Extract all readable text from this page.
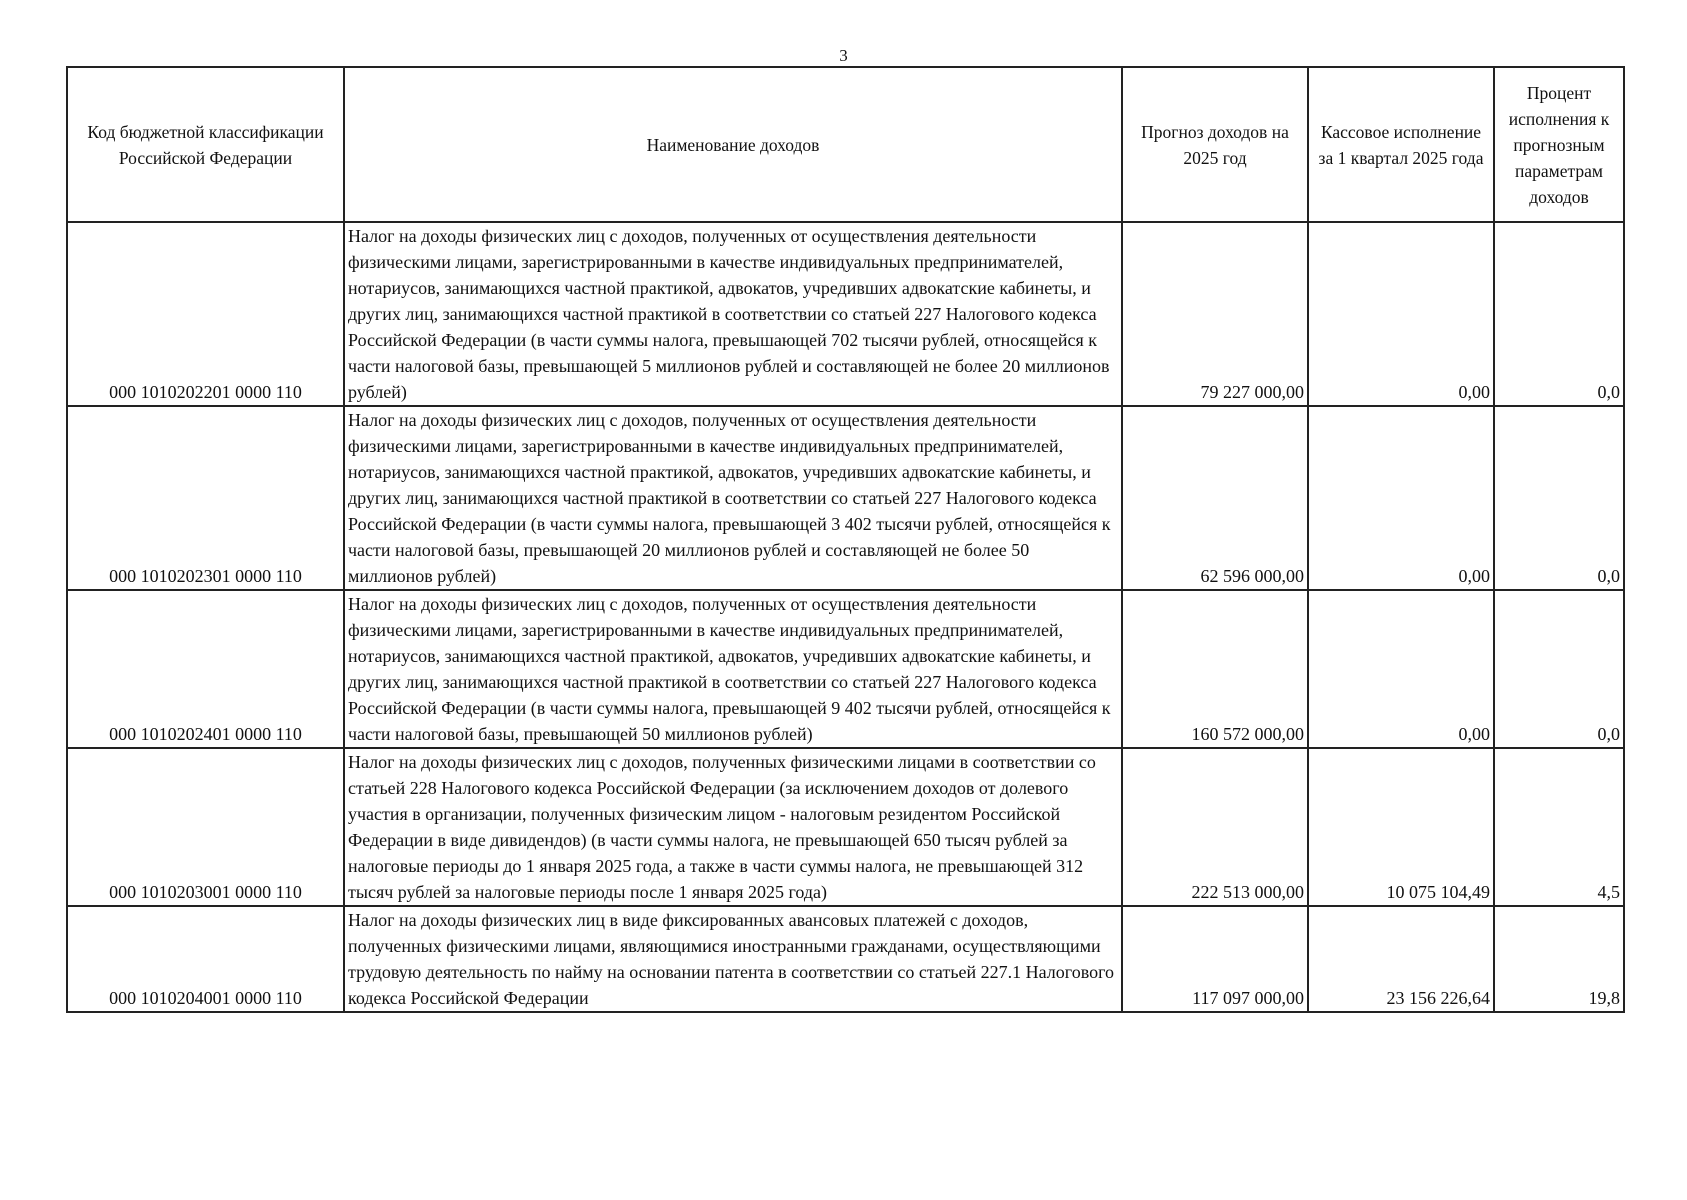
3
Код бюджетной классификации Российской Федерации	Наименование доходов	Прогноз доходов на 2025 год	Кассовое исполнение за 1 квартал 2025 года	Процент исполнения к прогнозным параметрам доходов
000 1010202201 0000 110	Налог на доходы физических лиц с доходов, полученных от осуществления деятельности физическими лицами, зарегистрированными в качестве индивидуальных предпринимателей, нотариусов, занимающихся частной практикой, адвокатов, учредивших адвокатские кабинеты, и других лиц, занимающихся частной практикой в соответствии со статьей 227 Налогового кодекса Российской Федерации (в части суммы налога, превышающей 702 тысячи рублей, относящейся к части налоговой базы, превышающей 5 миллионов рублей и составляющей не более 20 миллионов рублей)	79 227 000,00	0,00	0,0
000 1010202301 0000 110	Налог на доходы физических лиц с доходов, полученных от осуществления деятельности физическими лицами, зарегистрированными в качестве индивидуальных предпринимателей, нотариусов, занимающихся частной практикой, адвокатов, учредивших адвокатские кабинеты, и других лиц, занимающихся частной практикой в соответствии со статьей 227 Налогового кодекса Российской Федерации (в части суммы налога, превышающей 3 402 тысячи рублей, относящейся к части налоговой базы, превышающей 20 миллионов рублей и составляющей не более 50 миллионов рублей)	62 596 000,00	0,00	0,0
000 1010202401 0000 110	Налог на доходы физических лиц с доходов, полученных от осуществления деятельности физическими лицами, зарегистрированными в качестве индивидуальных предпринимателей, нотариусов, занимающихся частной практикой, адвокатов, учредивших адвокатские кабинеты, и других лиц, занимающихся частной практикой в соответствии со статьей 227 Налогового кодекса Российской Федерации (в части суммы налога, превышающей 9 402 тысячи рублей, относящейся к части налоговой базы, превышающей 50 миллионов рублей)	160 572 000,00	0,00	0,0
000 1010203001 0000 110	Налог на доходы физических лиц с доходов, полученных физическими лицами в соответствии со статьей 228 Налогового кодекса Российской Федерации (за исключением доходов от долевого участия в организации, полученных физическим лицом - налоговым резидентом Российской Федерации в виде дивидендов) (в части суммы налога, не превышающей 650 тысяч рублей за налоговые периоды до 1 января 2025 года, а также в части суммы налога, не превышающей 312 тысяч рублей за налоговые периоды после 1 января 2025 года)	222 513 000,00	10 075 104,49	4,5
000 1010204001 0000 110	Налог на доходы физических лиц в виде фиксированных авансовых платежей с доходов, полученных физическими лицами, являющимися иностранными гражданами, осуществляющими трудовую деятельность по найму на основании патента в соответствии со статьей 227.1 Налогового кодекса Российской Федерации	117 097 000,00	23 156 226,64	19,8
